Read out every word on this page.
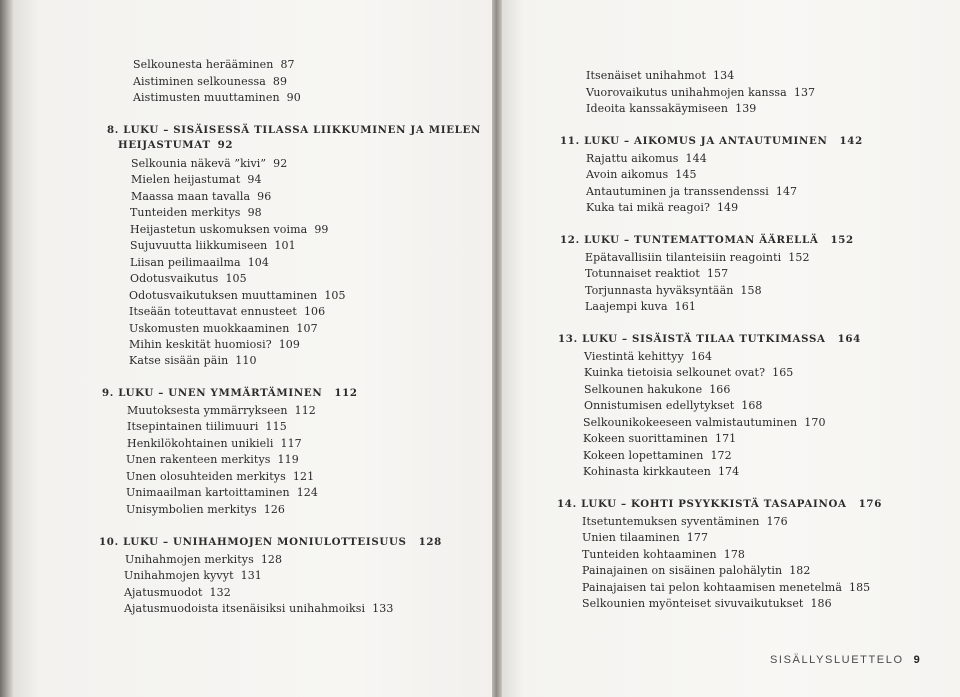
Selkounesta herääminen 87
Aistiminen selkounessa 89
Aistimusten muuttaminen 90
8. LUKU – SISÄISESSÄ TILASSA LIIKKUMINEN JA MIELEN
HEIJASTUMAT 92
Selkounia näkevä ”kivi” 92
Mielen heijastumat 94
Maassa maan tavalla 96
Tunteiden merkitys 98
Heijastetun uskomuksen voima 99
Sujuvuutta liikkumiseen 101
Liisan peilimaailma 104
Odotusvaikutus 105
Odotusvaikutuksen muuttaminen 105
Itseään toteuttavat ennusteet 106
Uskomusten muokkaaminen 107
Mihin keskität huomiosi? 109
Katse sisään päin 110
9. LUKU – UNEN YMMÄRTÄMINEN 112
Muutoksesta ymmärrykseen 112
Itsepintainen tiilimuuri 115
Henkilökohtainen unikieli 117
Unen rakenteen merkitys 119
Unen olosuhteiden merkitys 121
Unimaailman kartoittaminen 124
Unisymbolien merkitys 126
10. LUKU – UNIHAHMOJEN MONIULOTTEISUUS 128
Unihahmojen merkitys 128
Unihahmojen kyvyt 131
Ajatusmuodot 132
Ajatusmuodoista itsenäisiksi unihahmoiksi 133
Itsenäiset unihahmot 134
Vuorovaikutus unihahmojen kanssa 137
Ideoita kanssakäymiseen 139
11. LUKU – AIKOMUS JA ANTAUTUMINEN 142
Rajattu aikomus 144
Avoin aikomus 145
Antautuminen ja transsendenssi 147
Kuka tai mikä reagoi? 149
12. LUKU – TUNTEMATTOMAN ÄÄRELLÄ 152
Epätavallisiin tilanteisiin reagointi 152
Totunnaiset reaktiot 157
Torjunnasta hyväksyntään 158
Laajempi kuva 161
13. LUKU – SISÄISTÄ TILAA TUTKIMASSA 164
Viestintä kehittyy 164
Kuinka tietoisia selkounet ovat? 165
Selkounen hakukone 166
Onnistumisen edellytykset 168
Selkounikokeeseen valmistautuminen 170
Kokeen suorittaminen 171
Kokeen lopettaminen 172
Kohinasta kirkkauteen 174
14. LUKU – KOHTI PSYYKKISTÄ TASAPAINOA 176
Itsetuntemuksen syventäminen 176
Unien tilaaminen 177
Tunteiden kohtaaminen 178
Painajainen on sisäinen palohälytin 182
Painajaisen tai pelon kohtaamisen menetelmä 185
Selkounien myönteiset sivuvaikutukset 186
SISÄLLYSLUETTELO 9
